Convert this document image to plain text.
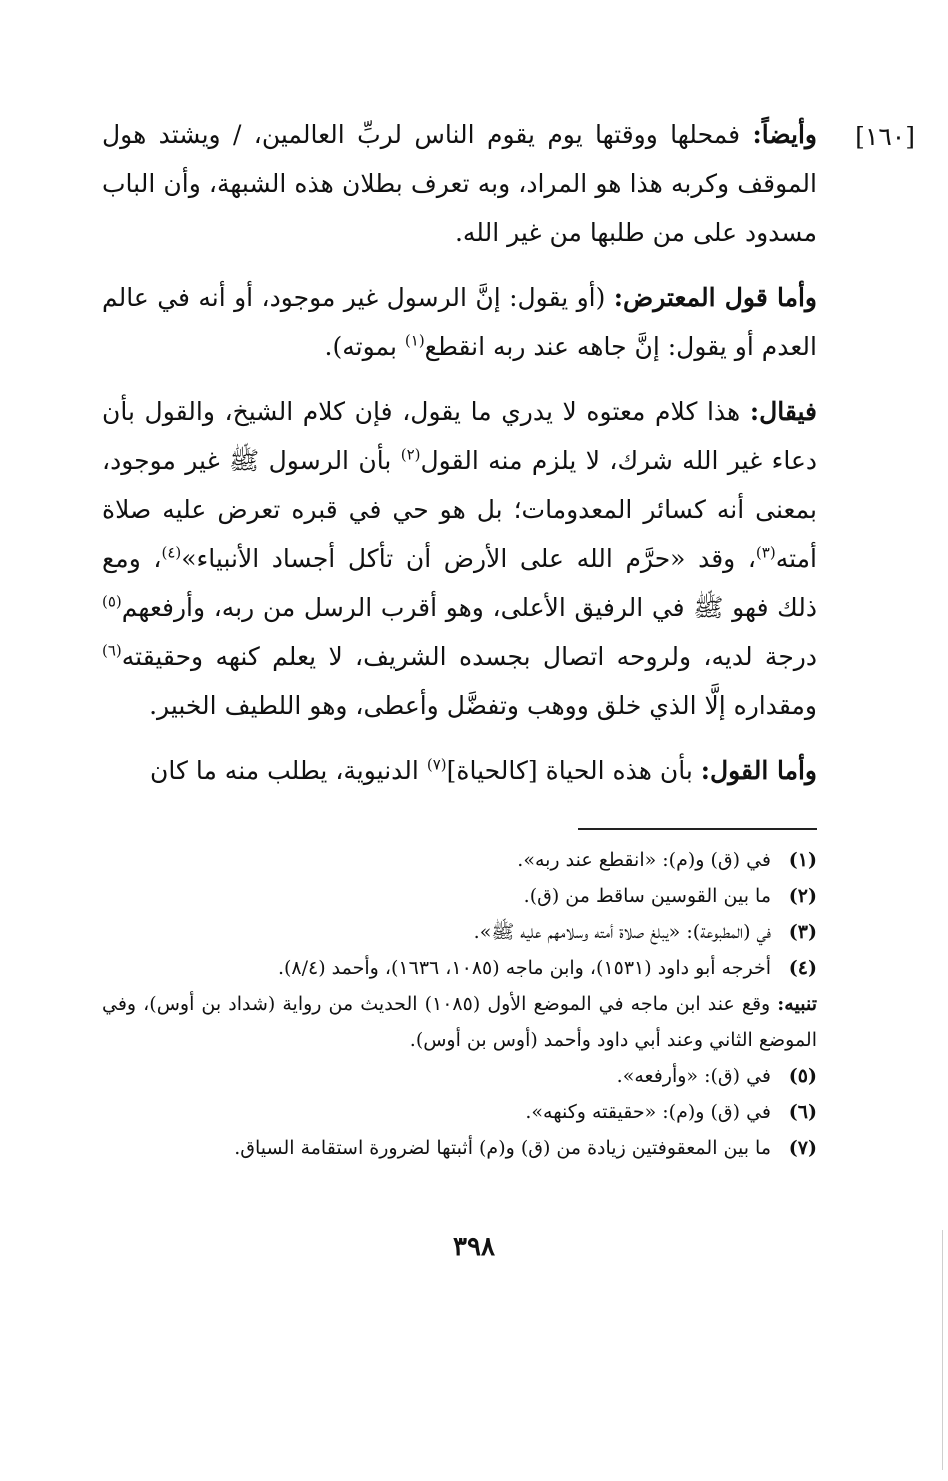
[١٦٠]

وأيضاً: فمحلها ووقتها يوم يقوم الناس لربِّ العالمين، / ويشتد هول الموقف وكربه هذا هو المراد، وبه تعرف بطلان هذه الشبهة، وأن الباب مسدود على من طلبها من غير الله.

وأما قول المعترض: (أو يقول: إنَّ الرسول غير موجود، أو أنه في عالم العدم أو يقول: إنَّ جاهه عند ربه انقطع$^{(١)}$ بموته).

فيقال: هذا كلام معتوه لا يدري ما يقول، فإن كلام الشيخ، والقول بأن دعاء غير الله شرك، لا يلزم منه القول$^{(٢)}$ بأن الرسول ﷺ غير موجود، بمعنى أنه كسائر المعدومات؛ بل هو حي في قبره تعرض عليه صلاة أمته$^{(٣)}$، وقد «حرَّم الله على الأرض أن تأكل أجساد الأنبياء»$^{(٤)}$، ومع ذلك فهو ﷺ في الرفيق الأعلى، وهو أقرب الرسل من ربه، وأرفعهم$^{(٥)}$ درجة لديه، ولروحه اتصال بجسده الشريف، لا يعلم كنهه وحقيقته$^{(٦)}$ ومقداره إلَّا الذي خلق ووهب وتفضَّل وأعطى، وهو اللطيف الخبير.

وأما القول: بأن هذه الحياة [كالحياة]$^{(٧)}$ الدنيوية، يطلب منه ما كان

(١)
في (ق) و(م): «انقطع عند ربه».
(٢)
ما بين القوسين ساقط من (ق).
(٣)
في (المطبوعة): «يبلغ صلاة أمته وسلامهم عليه ﷺ».
(٤)
أخرجه أبو داود (١٥٣١)، وابن ماجه (١٠٨٥، ١٦٣٦)، وأحمد (٨/٤).

تنبيه: وقع عند ابن ماجه في الموضع الأول (١٠٨٥) الحديث من رواية (شداد بن أوس)، وفي الموضع الثاني وعند أبي داود وأحمد (أوس بن أوس).

(٥)
في (ق): «وأرفعه».
(٦)
في (ق) و(م): «حقيقته وكنهه».
(٧)
ما بين المعقوفتين زيادة من (ق) و(م) أثبتها لضرورة استقامة السياق.
٣٩٨
